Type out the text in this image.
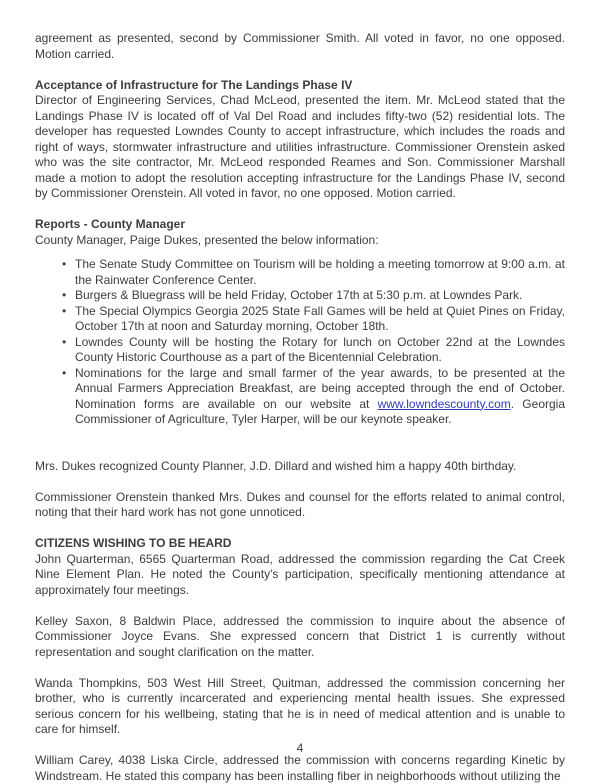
agreement as presented, second by Commissioner Smith. All voted in favor, no one opposed. Motion carried.

Acceptance of Infrastructure for The Landings Phase IV

Director of Engineering Services, Chad McLeod, presented the item. Mr. McLeod stated that the Landings Phase IV is located off of Val Del Road and includes fifty-two (52) residential lots. The developer has requested Lowndes County to accept infrastructure, which includes the roads and right of ways, stormwater infrastructure and utilities infrastructure. Commissioner Orenstein asked who was the site contractor, Mr. McLeod responded Reames and Son. Commissioner Marshall made a motion to adopt the resolution accepting infrastructure for the Landings Phase IV, second by Commissioner Orenstein. All voted in favor, no one opposed. Motion carried.

Reports - County Manager

County Manager, Paige Dukes, presented the below information:

• The Senate Study Committee on Tourism will be holding a meeting tomorrow at 9:00 a.m. at the Rainwater Conference Center.
• Burgers & Bluegrass will be held Friday, October 17th at 5:30 p.m. at Lowndes Park.
• The Special Olympics Georgia 2025 State Fall Games will be held at Quiet Pines on Friday, October 17th at noon and Saturday morning, October 18th.
• Lowndes County will be hosting the Rotary for lunch on October 22nd at the Lowndes County Historic Courthouse as a part of the Bicentennial Celebration.
• Nominations for the large and small farmer of the year awards, to be presented at the Annual Farmers Appreciation Breakfast, are being accepted through the end of October. Nomination forms are available on our website at www.lowndescounty.com. Georgia Commissioner of Agriculture, Tyler Harper, will be our keynote speaker.

Mrs. Dukes recognized County Planner, J.D. Dillard and wished him a happy 40th birthday.

Commissioner Orenstein thanked Mrs. Dukes and counsel for the efforts related to animal control, noting that their hard work has not gone unnoticed.

CITIZENS WISHING TO BE HEARD

John Quarterman, 6565 Quarterman Road, addressed the commission regarding the Cat Creek Nine Element Plan. He noted the County's participation, specifically mentioning attendance at approximately four meetings.

Kelley Saxon, 8 Baldwin Place, addressed the commission to inquire about the absence of Commissioner Joyce Evans. She expressed concern that District 1 is currently without representation and sought clarification on the matter.

Wanda Thompkins, 503 West Hill Street, Quitman, addressed the commission concerning her brother, who is currently incarcerated and experiencing mental health issues. She expressed serious concern for his wellbeing, stating that he is in need of medical attention and is unable to care for himself.

William Carey, 4038 Liska Circle, addressed the commission with concerns regarding Kinetic by Windstream. He stated this company has been installing fiber in neighborhoods without utilizing the

4
